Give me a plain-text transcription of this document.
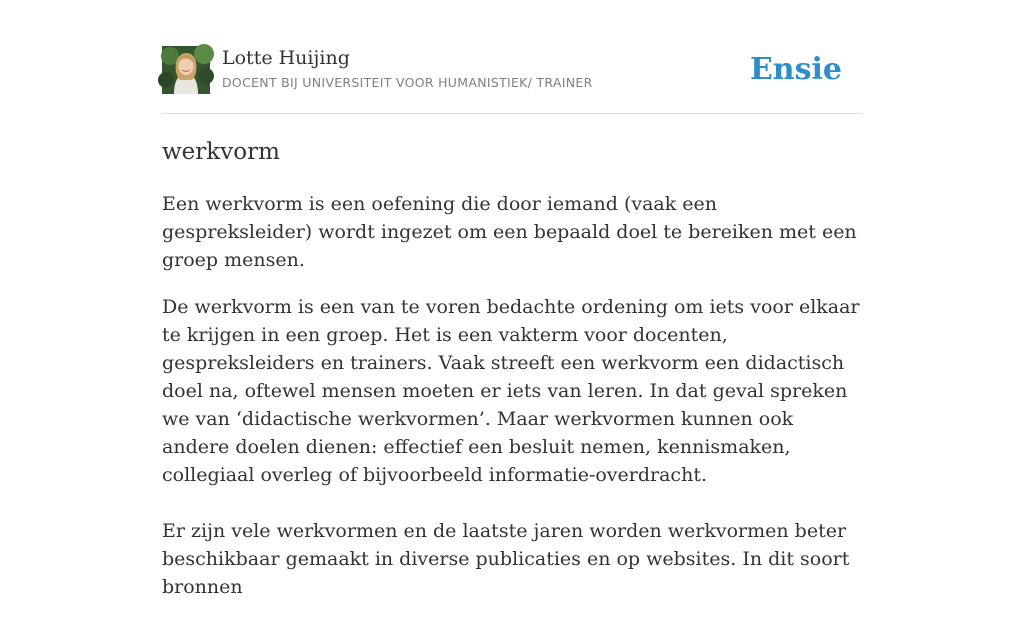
Lotte Huijing
DOCENT BIJ UNIVERSITEIT VOOR HUMANISTIEK/ TRAINER	Ensie
werkvorm

Een werkvorm is een oefening die door iemand (vaak een gespreksleider) wordt ingezet om een bepaald doel te bereiken met een groep mensen.

De werkvorm is een van te voren bedachte ordening om iets voor elkaar te krijgen in een groep. Het is een vakterm voor docenten, gespreksleiders en trainers. Vaak streeft een werkvorm een didactisch doel na, oftewel mensen moeten er iets van leren. In dat geval spreken we van ‘didactische werkvormen’. Maar werkvormen kunnen ook andere doelen dienen: effectief een besluit nemen, kennismaken, collegiaal overleg of bijvoorbeeld informatie-overdracht.

Er zijn vele werkvormen en de laatste jaren worden werkvormen beter beschikbaar gemaakt in diverse publicaties en op websites. In dit soort bronnen
